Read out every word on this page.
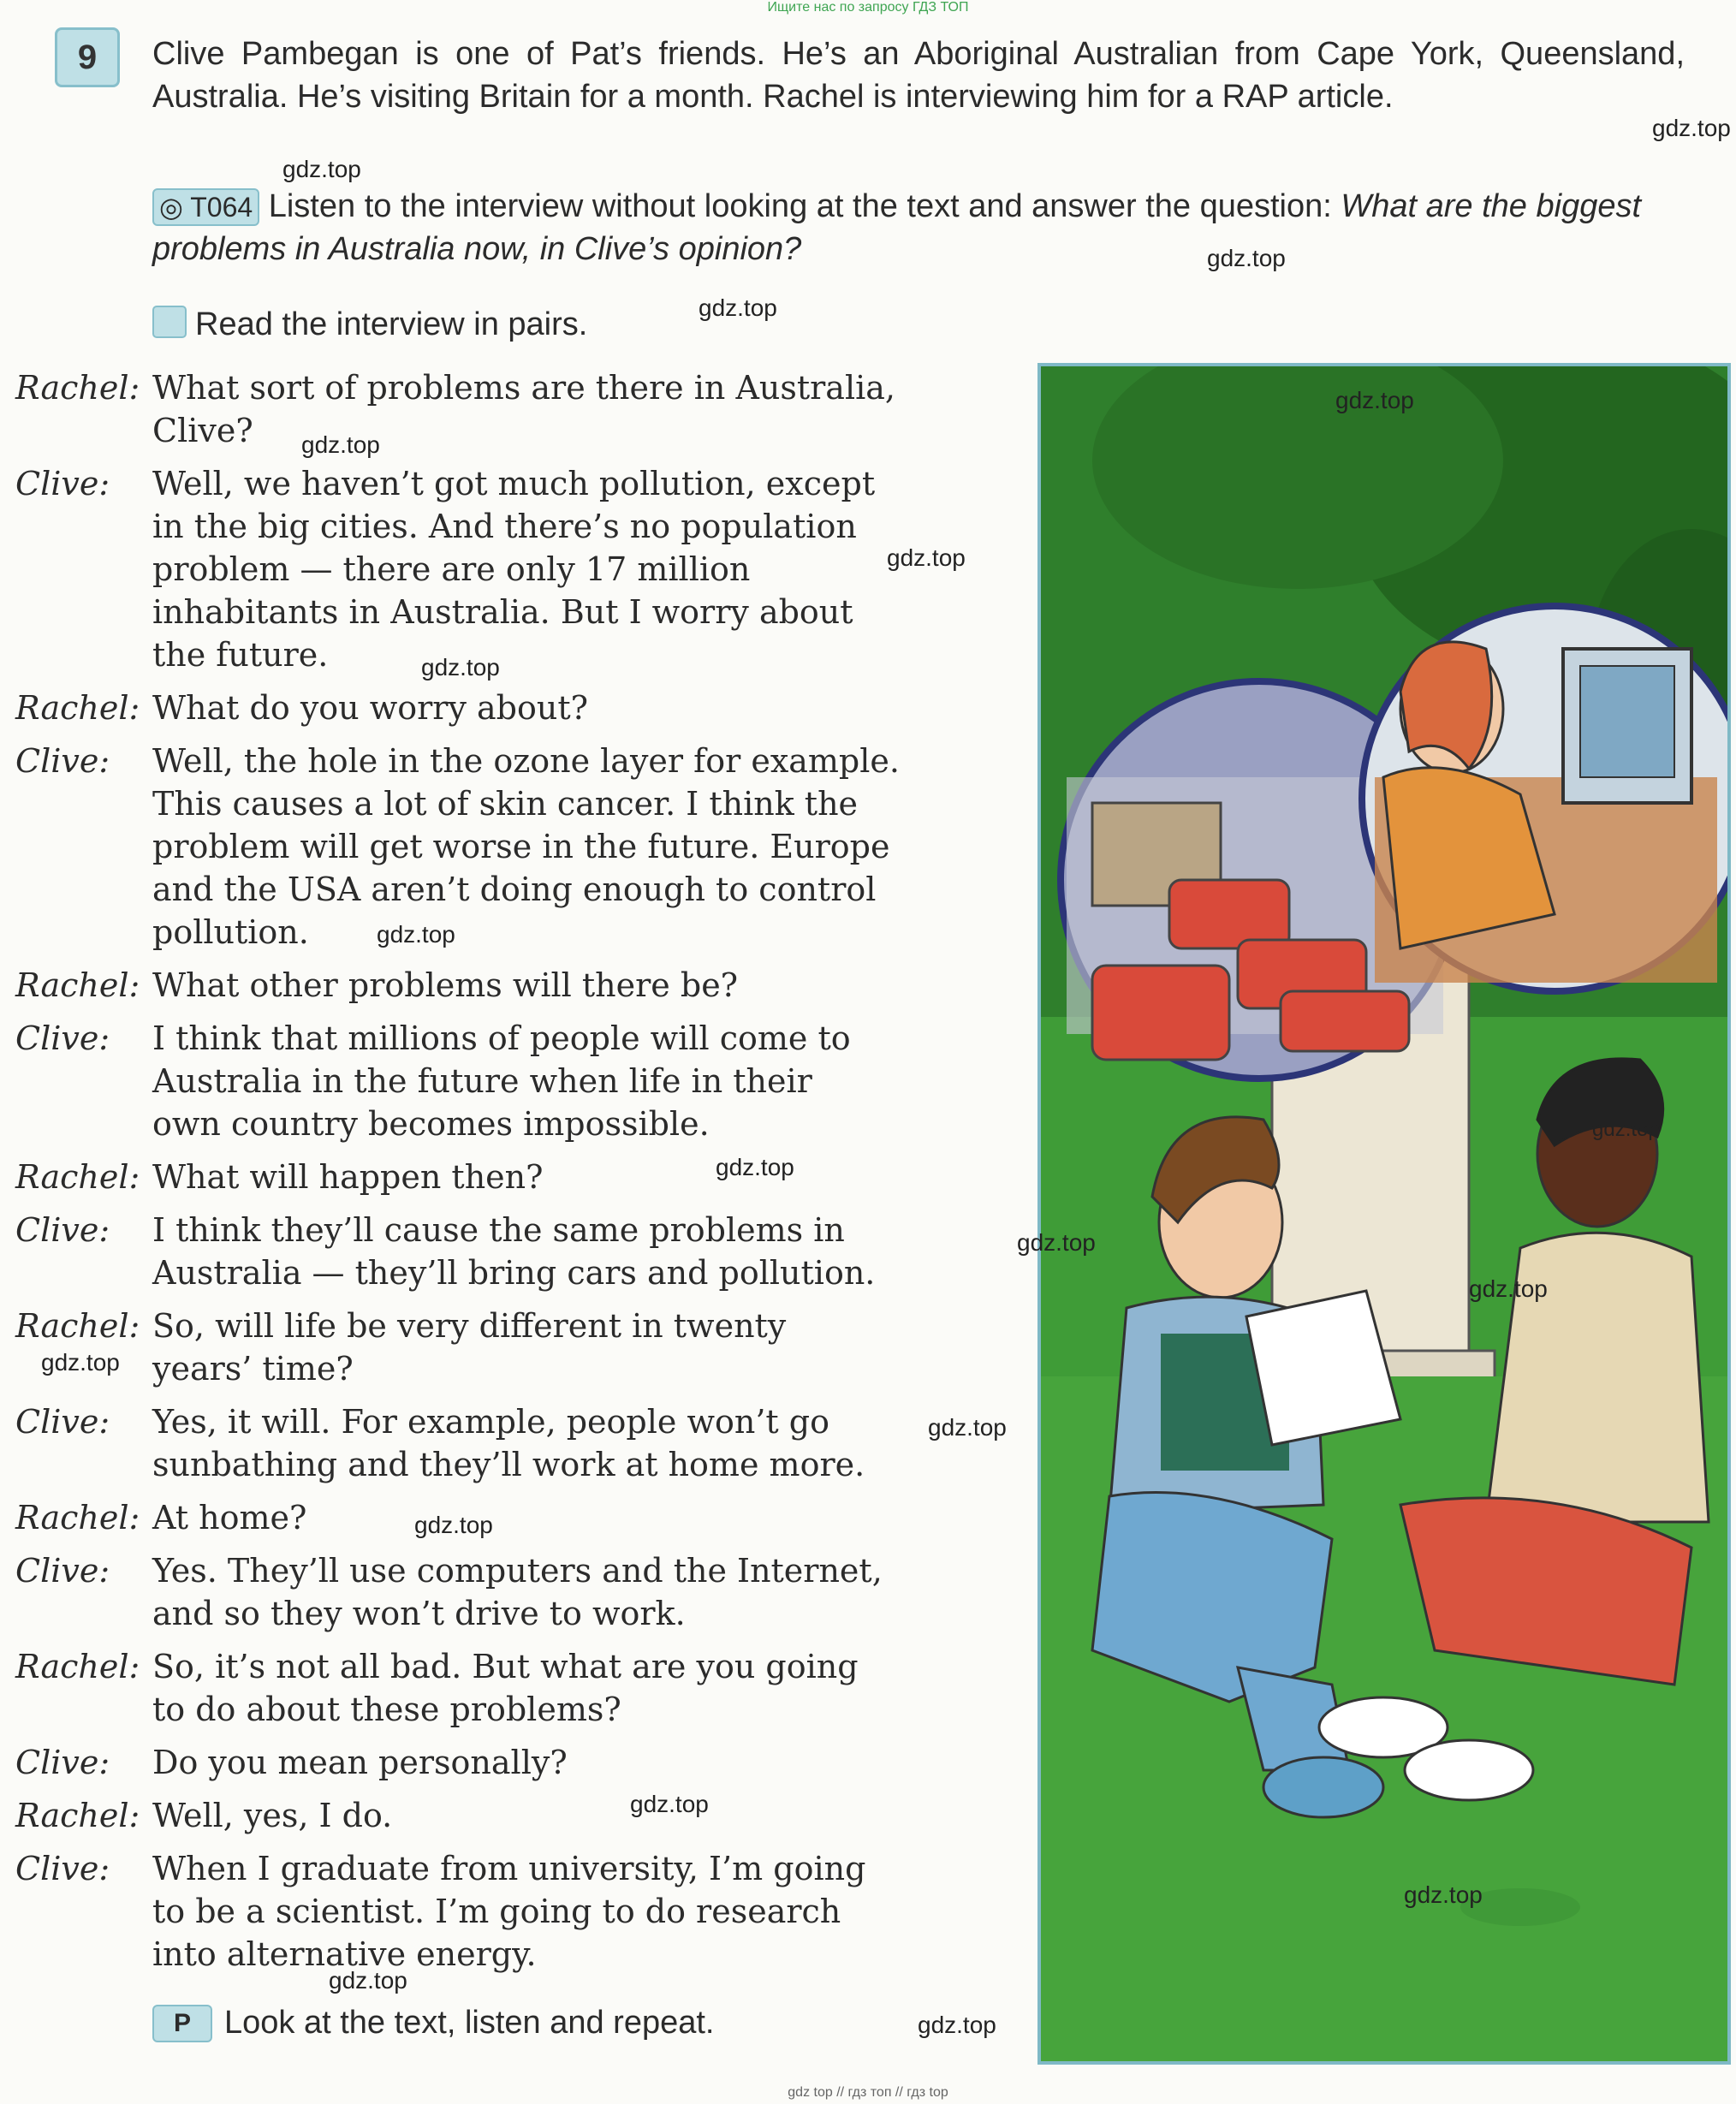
Ищите нас по запросу ГДЗ ТОП
9	Clive Pambegan is one of Pat’s friends. He’s an Aboriginal Australian from Cape York, Queensland, Australia. He’s visiting Britain for a month. Rachel is interviewing him for a RAP article.
◎ T064 Listen to the interview without looking at the text and answer the question: What are the biggest problems in Australia now, in Clive’s opinion?
Read the interview in pairs.
Rachel: What sort of problems are there in Australia,
Clive?
Clive: Well, we haven’t got much pollution, except
in the big cities. And there’s no population
problem — there are only 17 million
inhabitants in Australia. But I worry about
the future.
Rachel: What do you worry about?
Clive: Well, the hole in the ozone layer for example.
This causes a lot of skin cancer. I think the
problem will get worse in the future. Europe
and the USA aren’t doing enough to control
pollution.
Rachel: What other problems will there be?
Clive: I think that millions of people will come to
Australia in the future when life in their
own country becomes impossible.
Rachel: What will happen then?
Clive: I think they’ll cause the same problems in
Australia — they’ll bring cars and pollution.
Rachel: So, will life be very different in twenty
years’ time?
Clive: Yes, it will. For example, people won’t go
sunbathing and they’ll work at home more.
Rachel: At home?
Clive: Yes. They’ll use computers and the Internet,
and so they won’t drive to work.
Rachel: So, it’s not all bad. But what are you going
to do about these problems?
Clive: Do you mean personally?
Rachel: Well, yes, I do.
Clive: When I graduate from university, I’m going
to be a scientist. I’m going to do research
into alternative energy.
P Look at the text, listen and repeat.
gdz.top
gdz.top
gdz.top
gdz.top
gdz.top
gdz.top
gdz.top
gdz.top
gdz.top
gdz.top
gdz.top
gdz.top
gdz.top
gdz.top
gdz.top
gdz.top
gdz.top
gdz.top
gdz.top
gdz.top
gdz top // гдз топ // гдз top
